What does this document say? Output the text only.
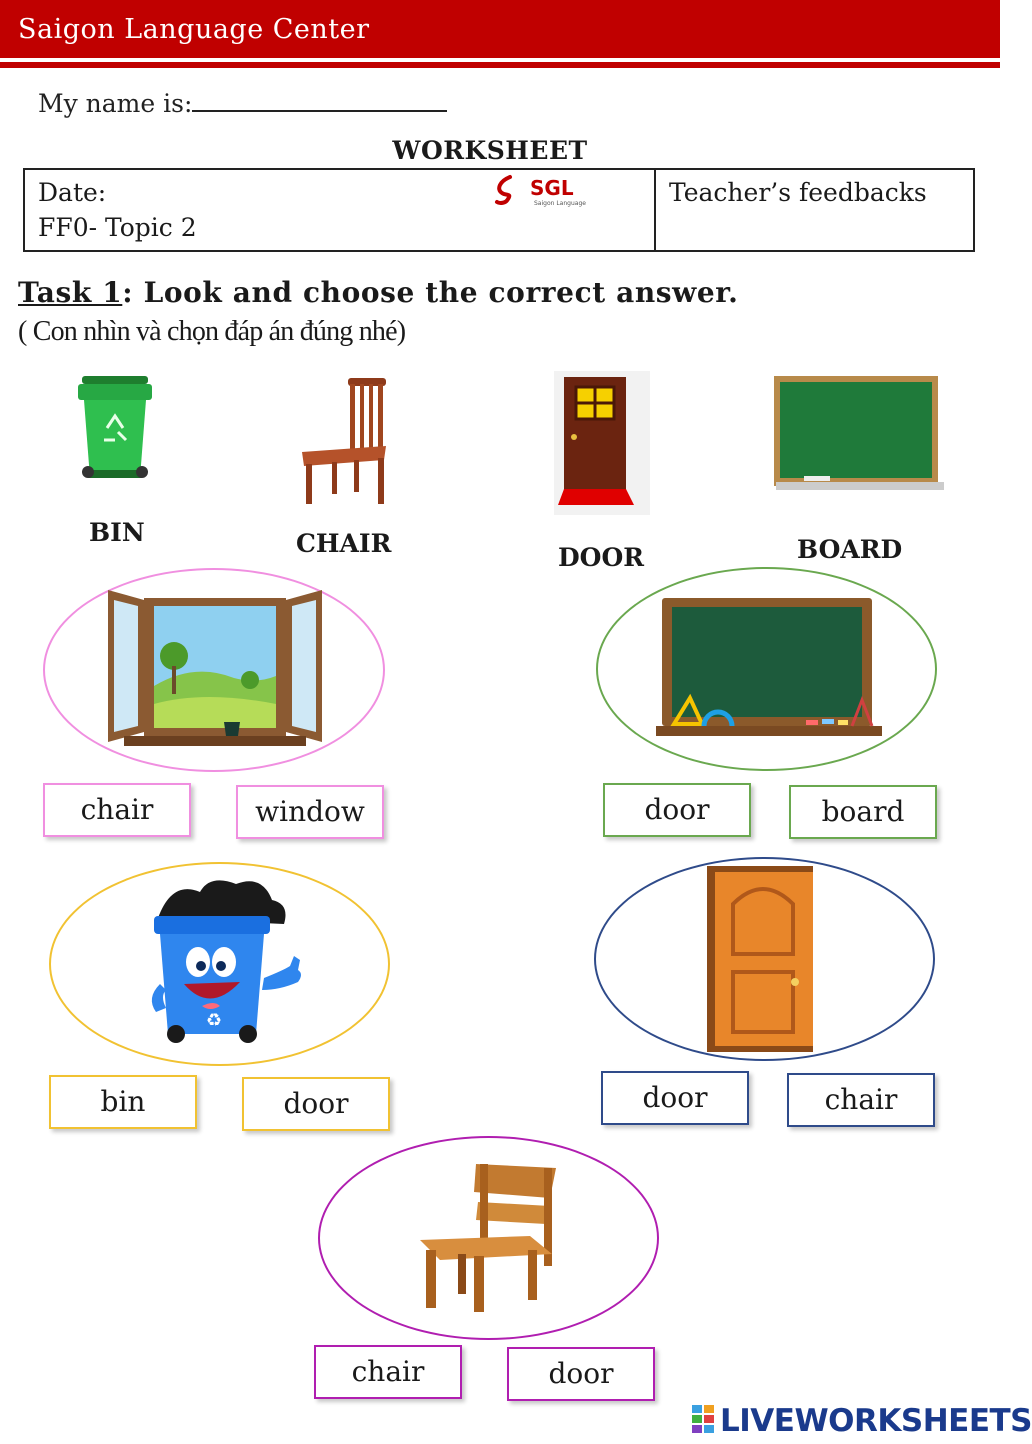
Saigon Language Center
My name is:
WORKSHEET
Date:
FF0- Topic 2
Teacher’s feedbacks
SGL
Saigon Language
Task 1: Look and choose the correct answer.
( Con nhìn và chọn đáp án đúng nhé)
BIN	CHAIR	DOOR	BOARD
chair	window	door	board
♻
bin	door	door	chair
chair	door
LIVEWORKSHEETS
